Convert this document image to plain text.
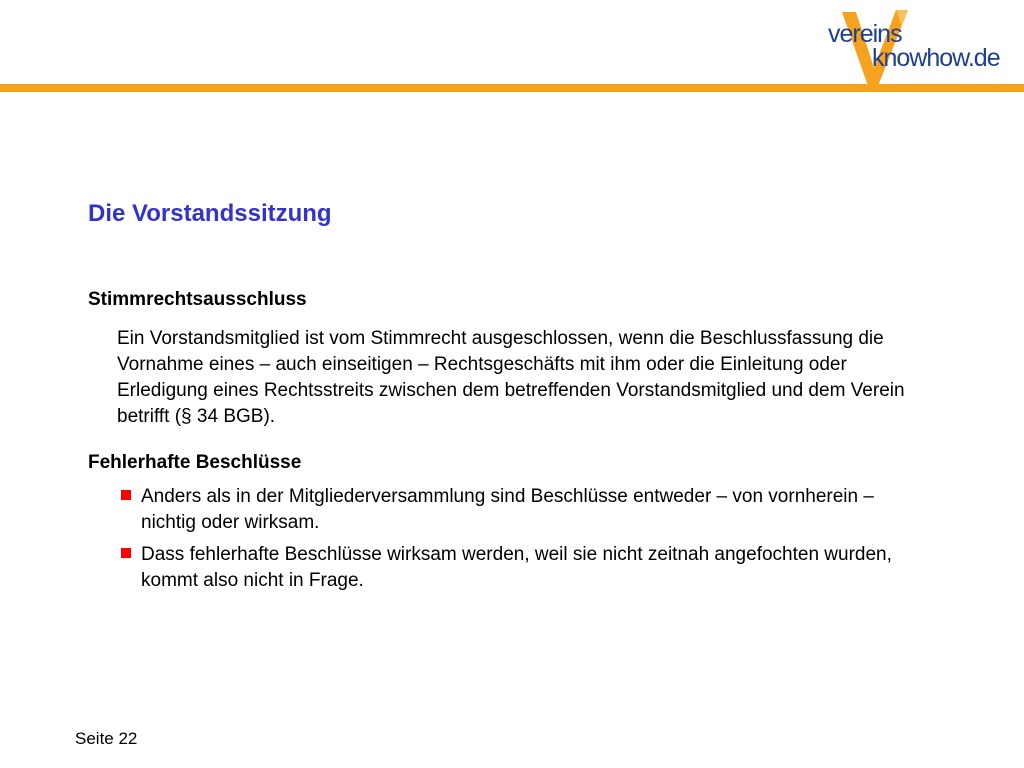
vereins
knowhow.de
Die Vorstandssitzung
Stimmrechtsausschluss

Ein Vorstandsmitglied ist vom Stimmrecht ausgeschlossen, wenn die Beschlussfassung die Vornahme eines – auch einseitigen – Rechtsgeschäfts mit ihm oder die Einleitung oder Erledigung eines Rechtsstreits zwischen dem betreffenden Vorstandsmitglied und dem Verein betrifft (§ 34 BGB).

Fehlerhafte Beschlüsse
Anders als in der Mitgliederversammlung sind Beschlüsse entweder – von vornherein – nichtig oder wirksam.
Dass fehlerhafte Beschlüsse wirksam werden, weil sie nicht zeitnah angefochten wurden, kommt also nicht in Frage.
Seite 22
